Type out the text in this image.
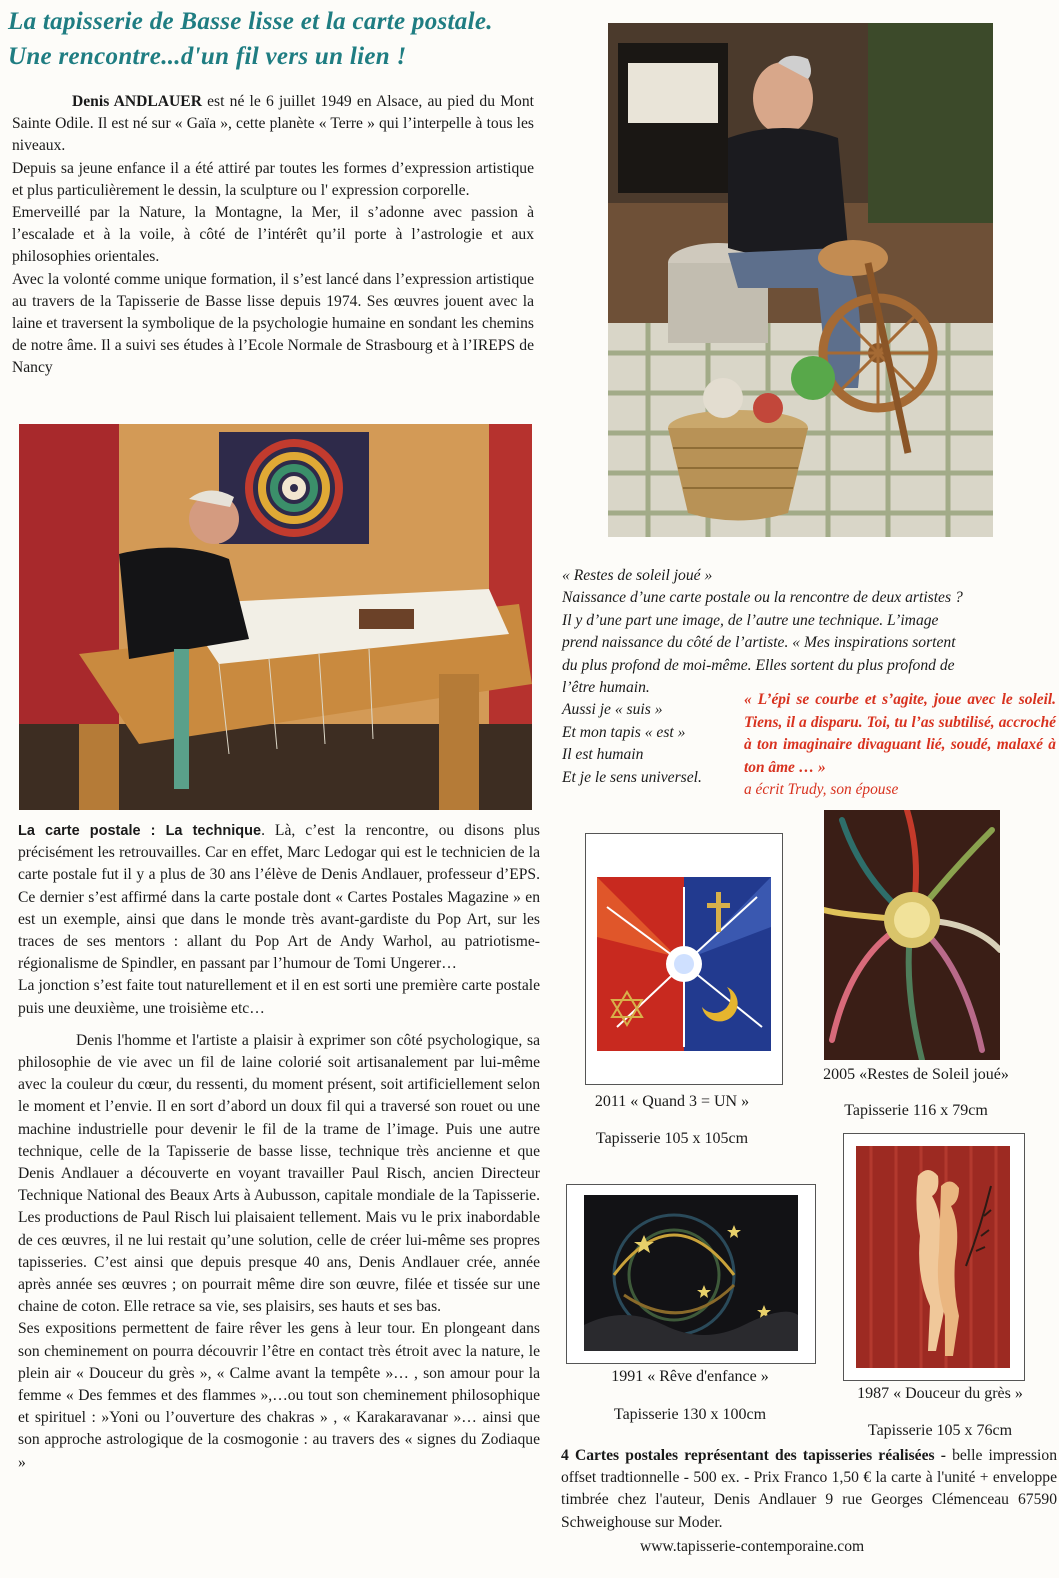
La tapisserie de Basse lisse et la carte postale.
Une rencontre...d'un fil vers un lien !

Denis ANDLAUER est né le 6 juillet 1949 en Alsace, au pied du Mont Sainte Odile. Il est né sur « Gaïa », cette planète « Terre » qui l’interpelle à tous les niveaux.

Depuis sa jeune enfance il a été attiré par toutes les formes d’expression artistique et plus particulièrement le dessin, la sculpture ou l' expression corporelle.

Emerveillé par la Nature, la Montagne, la Mer, il s’adonne avec passion à l’escalade et à la voile, à côté de l’intérêt qu’il porte à l’astrologie et aux philosophies orientales.

Avec la volonté comme unique formation, il s’est lancé dans l’expression artistique au travers de la Tapisserie de Basse lisse depuis 1974. Ses œuvres jouent avec la laine et traversent la symbolique de la psychologie humaine en sondant les chemins de notre âme. Il a suivi ses études à l’Ecole Normale de Strasbourg et à l’IREPS de Nancy

« Restes de soleil joué »
Naissance d’une carte postale ou la rencontre de deux artistes ?
Il y d’une part une image, de l’autre une technique. L’image
prend naissance du côté de l’artiste. « Mes inspirations sortent
du plus profond de moi-même. Elles sortent du plus profond de
l’être humain.
Aussi je « suis »
Et mon tapis « est »
Il est humain
Et je le sens universel.
« L’épi se courbe et s’agite, joue avec le soleil. Tiens, il a disparu. Toi, tu l’as subtilisé, accroché à ton imaginaire divaguant lié, soudé, malaxé à ton âme … »
a écrit Trudy, son épouse

La carte postale : La technique. Là, c’est la rencontre, ou disons plus précisément les retrouvailles. Car en effet, Marc Ledogar qui est le technicien de la carte postale fut il y a plus de 30 ans l’élève de Denis Andlauer, professeur d’EPS. Ce dernier s’est affirmé dans la carte postale dont « Cartes Postales Magazine » en est un exemple, ainsi que dans le monde très avant-gardiste du Pop Art, sur les traces de ses mentors : allant du Pop Art de Andy Warhol, au patriotisme- régionalisme de Spindler, en passant par l’humour de Tomi Ungerer…

La jonction s’est faite tout naturellement et il en est sorti une première carte postale puis une deuxième, une troisième etc…

Denis l'homme et l'artiste a plaisir à exprimer son côté psychologique, sa philosophie de vie avec un fil de laine colorié soit artisanalement par lui-même avec la couleur du cœur, du ressenti, du moment présent, soit artificiellement selon le moment et l’envie. Il en sort d’abord un doux fil qui a traversé son rouet ou une machine industrielle pour devenir le fil de la trame de l’image. Puis une autre technique, celle de la Tapisserie de basse lisse, technique très ancienne et que Denis Andlauer a découverte en voyant travailler Paul Risch, ancien Directeur Technique National des Beaux Arts à Aubusson, capitale mondiale de la Tapisserie. Les productions de Paul Risch lui plaisaient tellement. Mais vu le prix inabordable de ces œuvres, il ne lui restait qu’une solution, celle de créer lui-même ses propres tapisseries. C’est ainsi que depuis presque 40 ans, Denis Andlauer crée, année après année ses œuvres ; on pourrait même dire son œuvre, filée et tissée sur une chaine de coton. Elle retrace sa vie, ses plaisirs, ses hauts et ses bas.

Ses expositions permettent de faire rêver les gens à leur tour. En plongeant dans son cheminement on pourra découvrir l’être en contact très étroit avec la nature, le plein air « Douceur du grès », « Calme avant la tempête »… , son amour pour la femme « Des femmes et des flammes »,…ou tout son cheminement philosophique et spirituel : »Yoni ou l’ouverture des chakras » , « Karakaravanar »… ainsi que son approche astrologique de la cosmogonie : au travers des « signes du Zodiaque »

2011 « Quand 3 = UN »
Tapisserie 105 x 105cm
2005 «Restes de Soleil joué»
Tapisserie 116 x 79cm
1991 « Rêve d'enfance »
Tapisserie 130 x 100cm
1987 « Douceur du grès »
Tapisserie 105 x 76cm
4 Cartes postales représentant des tapisseries réalisées - belle impression offset tradtionnelle - 500 ex. - Prix Franco 1,50 € la carte à l'unité + enveloppe timbrée chez l'auteur, Denis Andlauer 9 rue Georges Clémenceau 67590 Schweighouse sur Moder.
www.tapisserie-contemporaine.com
